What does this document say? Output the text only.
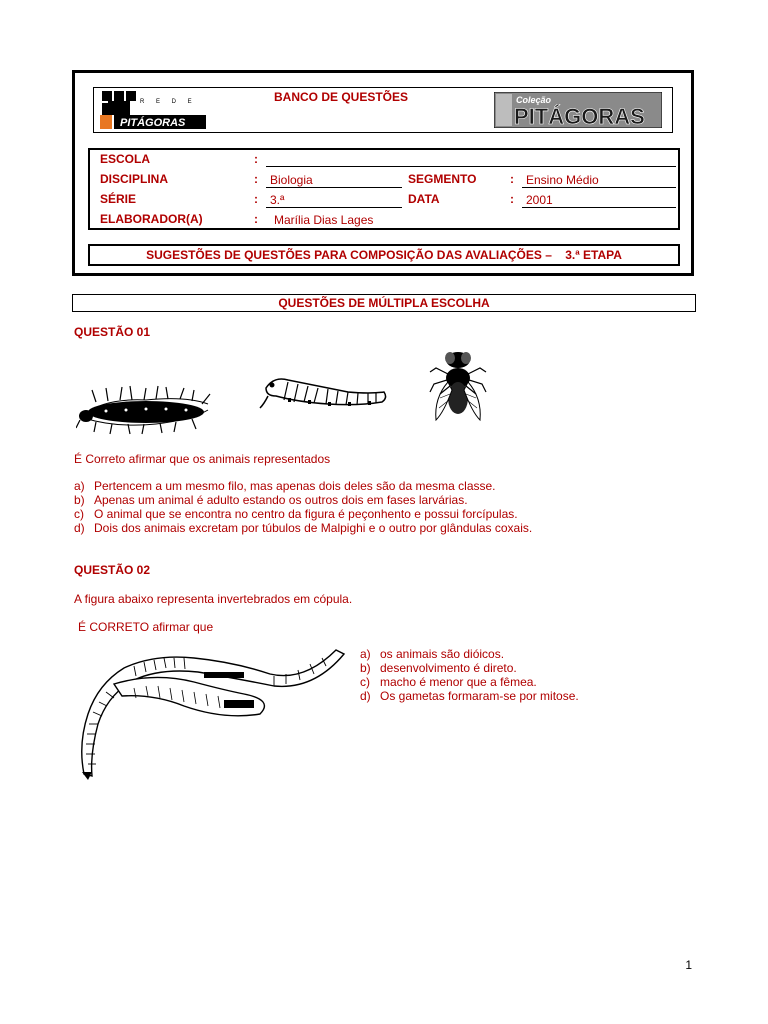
R E D E
PITÁGORAS
BANCO DE QUESTÕES	Coleção
PITÁGORAS
ESCOLA	:
DISCIPLINA	: Biologia	SEGMENTO	: Ensino Médio
SÉRIE	: 3.ª	DATA	: 2001
ELABORADOR(A)	: Marília Dias Lages
SUGESTÕES DE QUESTÕES PARA COMPOSIÇÃO DAS AVALIAÇÕES –    3.ª ETAPA
QUESTÕES DE MÚLTIPLA ESCOLHA
QUESTÃO 01
É Correto afirmar que os animais representados
a) Pertencem a um mesmo filo, mas apenas dois deles são da mesma classe.
b) Apenas um animal é adulto estando os outros dois em fases larvárias.
c) O animal que se encontra no centro da figura é peçonhento e possui forcípulas.
d) Dois dos animais excretam por túbulos de Malpighi e o outro por glândulas coxais.
QUESTÃO 02
A figura abaixo representa invertebrados em cópula.
É CORRETO afirmar que
a) os animais são dióicos.
b) desenvolvimento é direto.
c) macho é menor que a fêmea.
d) Os gametas formaram-se por mitose.
1
